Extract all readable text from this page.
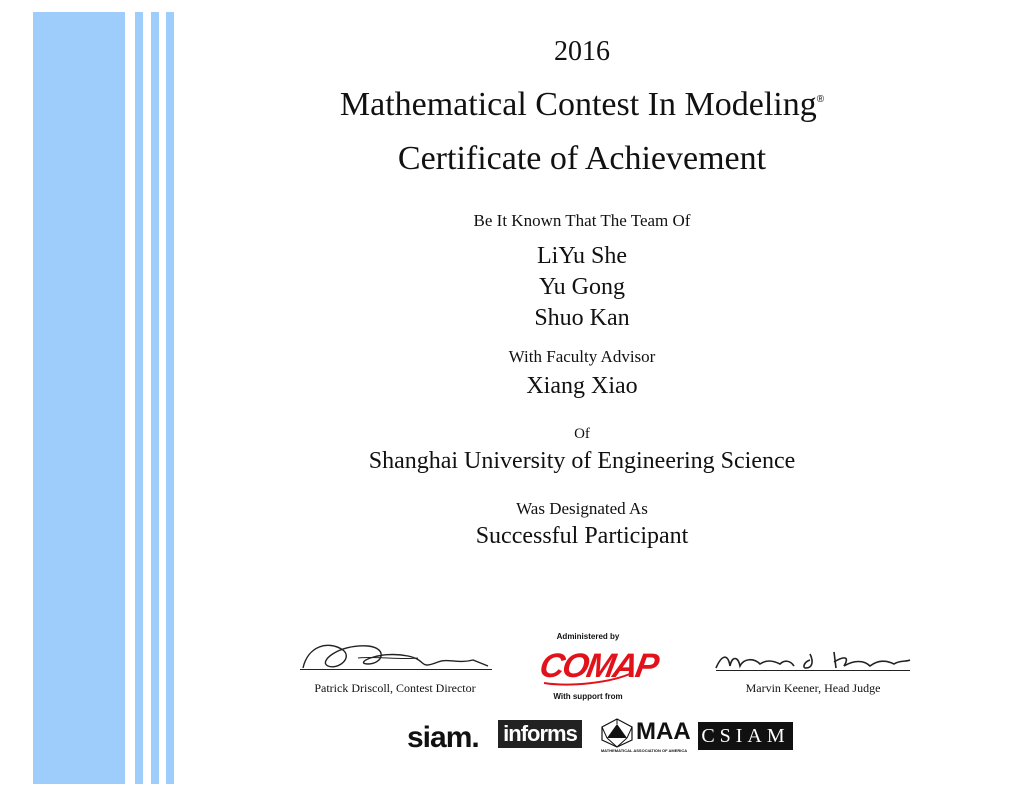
2016
Mathematical Contest In Modeling®
Certificate of Achievement
Be It Known That The Team Of
LiYu She
Yu Gong
Shuo Kan
With Faculty Advisor
Xiang Xiao
Of
Shanghai University of Engineering Science
Was Designated As
Successful Participant
Patrick Driscoll, Contest Director	Marvin Keener, Head Judge
Administered by
COMAP
With support from
siam. informs MAA
MATHEMATICAL ASSOCIATION OF AMERICA
CSIAM
